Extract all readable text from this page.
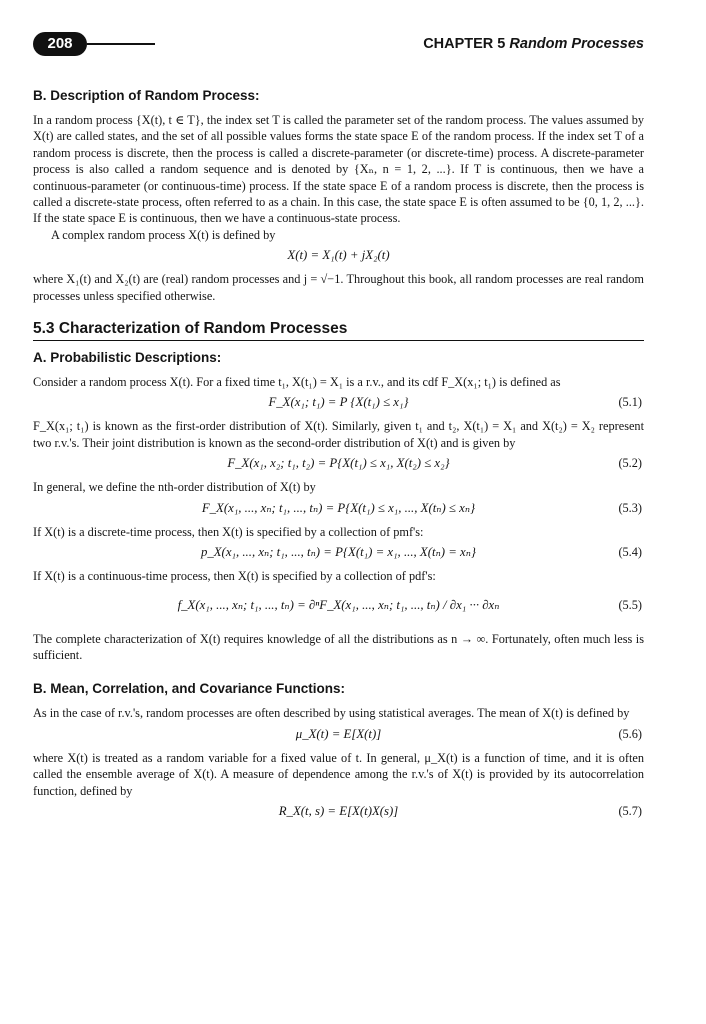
208	CHAPTER 5 Random Processes
B. Description of Random Process:

In a random process {X(t), t ∈ T}, the index set T is called the parameter set of the random process. The values assumed by X(t) are called states, and the set of all possible values forms the state space E of the random process. If the index set T of a random process is discrete, then the process is called a discrete-parameter (or discrete-time) process. A discrete-parameter process is also called a random sequence and is denoted by {Xₙ, n = 1, 2, ...}. If T is continuous, then we have a continuous-parameter (or continuous-time) process. If the state space E of a random process is discrete, then the process is called a discrete-state process, often referred to as a chain. In this case, the state space E is often assumed to be {0, 1, 2, ...}. If the state space E is continuous, then we have a continuous-state process.

A complex random process X(t) is defined by

X(t) = X₁(t) + jX₂(t)

where X₁(t) and X₂(t) are (real) random processes and j = √−1. Throughout this book, all random processes are real random processes unless specified otherwise.

5.3 Characterization of Random Processes
A. Probabilistic Descriptions:

Consider a random process X(t). For a fixed time t₁, X(t₁) = X₁ is a r.v., and its cdf F_X(x₁; t₁) is defined as

F_X(x₁; t₁) = P {X(t₁) ≤ x₁}	(5.1)

F_X(x₁; t₁) is known as the first-order distribution of X(t). Similarly, given t₁ and t₂, X(t₁) = X₁ and X(t₂) = X₂ represent two r.v.'s. Their joint distribution is known as the second-order distribution of X(t) and is given by

F_X(x₁, x₂; t₁, t₂) = P{X(t₁) ≤ x₁, X(t₂) ≤ x₂}	(5.2)

In general, we define the nth-order distribution of X(t) by

F_X(x₁, ..., xₙ; t₁, ..., tₙ) = P{X(t₁) ≤ x₁, ..., X(tₙ) ≤ xₙ}	(5.3)

If X(t) is a discrete-time process, then X(t) is specified by a collection of pmf's:

p_X(x₁, ..., xₙ; t₁, ..., tₙ) = P{X(t₁) = x₁, ..., X(tₙ) = xₙ}	(5.4)

If X(t) is a continuous-time process, then X(t) is specified by a collection of pdf's:

f_X(x₁, ..., xₙ; t₁, ..., tₙ) = ∂ⁿF_X(x₁, ..., xₙ; t₁, ..., tₙ) / ∂x₁ ··· ∂xₙ	(5.5)

The complete characterization of X(t) requires knowledge of all the distributions as n → ∞. Fortunately, often much less is sufficient.

B. Mean, Correlation, and Covariance Functions:

As in the case of r.v.'s, random processes are often described by using statistical averages. The mean of X(t) is defined by

μ_X(t) = E[X(t)]	(5.6)

where X(t) is treated as a random variable for a fixed value of t. In general, μ_X(t) is a function of time, and it is often called the ensemble average of X(t). A measure of dependence among the r.v.'s of X(t) is provided by its autocorrelation function, defined by

R_X(t, s) = E[X(t)X(s)]	(5.7)
